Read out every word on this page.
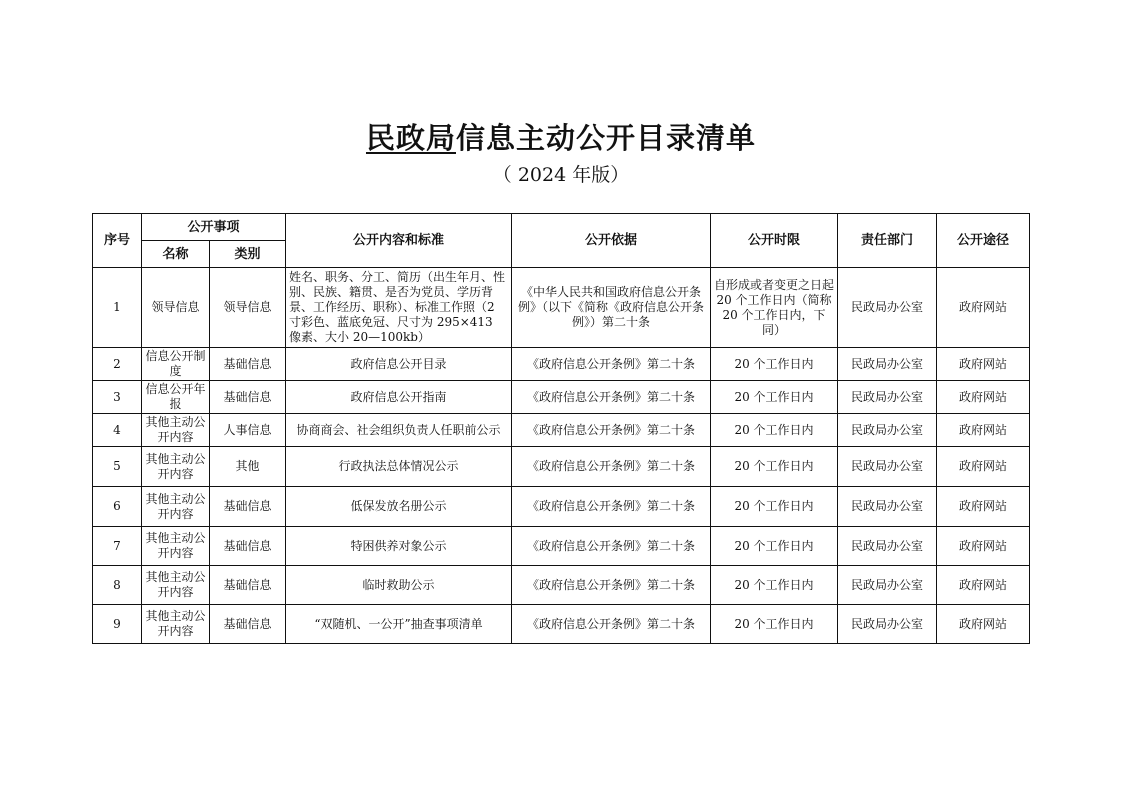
民政局信息主动公开目录清单
（ 2024 年版）
序号	公开事项		公开内容和标准	公开依据	公开时限	责任部门	公开途径
	名称	类别					
1	领导信息	领导信息	姓名、职务、分工、简历（出生年月、性别、民族、籍贯、是否为党员、学历背景、工作经历、职称）、标准工作照（2 寸彩色、蓝底免冠、尺寸为 295×413 像素、大小 20—100kb）	《中华人民共和国政府信息公开条例》（以下《简称《政府信息公开条例》）第二十条	自形成或者变更之日起 20 个工作日内（简称 20 个工作日内，下同）	民政局办公室	政府网站
2	信息公开制度	基础信息	政府信息公开目录	《政府信息公开条例》第二十条	20 个工作日内	民政局办公室	政府网站
3	信息公开年报	基础信息	政府信息公开指南	《政府信息公开条例》第二十条	20 个工作日内	民政局办公室	政府网站
4	其他主动公开内容	人事信息	协商商会、社会组织负责人任职前公示	《政府信息公开条例》第二十条	20 个工作日内	民政局办公室	政府网站
5	其他主动公开内容	其他	行政执法总体情况公示	《政府信息公开条例》第二十条	20 个工作日内	民政局办公室	政府网站
6	其他主动公开内容	基础信息	低保发放名册公示	《政府信息公开条例》第二十条	20 个工作日内	民政局办公室	政府网站
7	其他主动公开内容	基础信息	特困供养对象公示	《政府信息公开条例》第二十条	20 个工作日内	民政局办公室	政府网站
8	其他主动公开内容	基础信息	临时救助公示	《政府信息公开条例》第二十条	20 个工作日内	民政局办公室	政府网站
9	其他主动公开内容	基础信息	“双随机、一公开”抽查事项清单	《政府信息公开条例》第二十条	20 个工作日内	民政局办公室	政府网站
